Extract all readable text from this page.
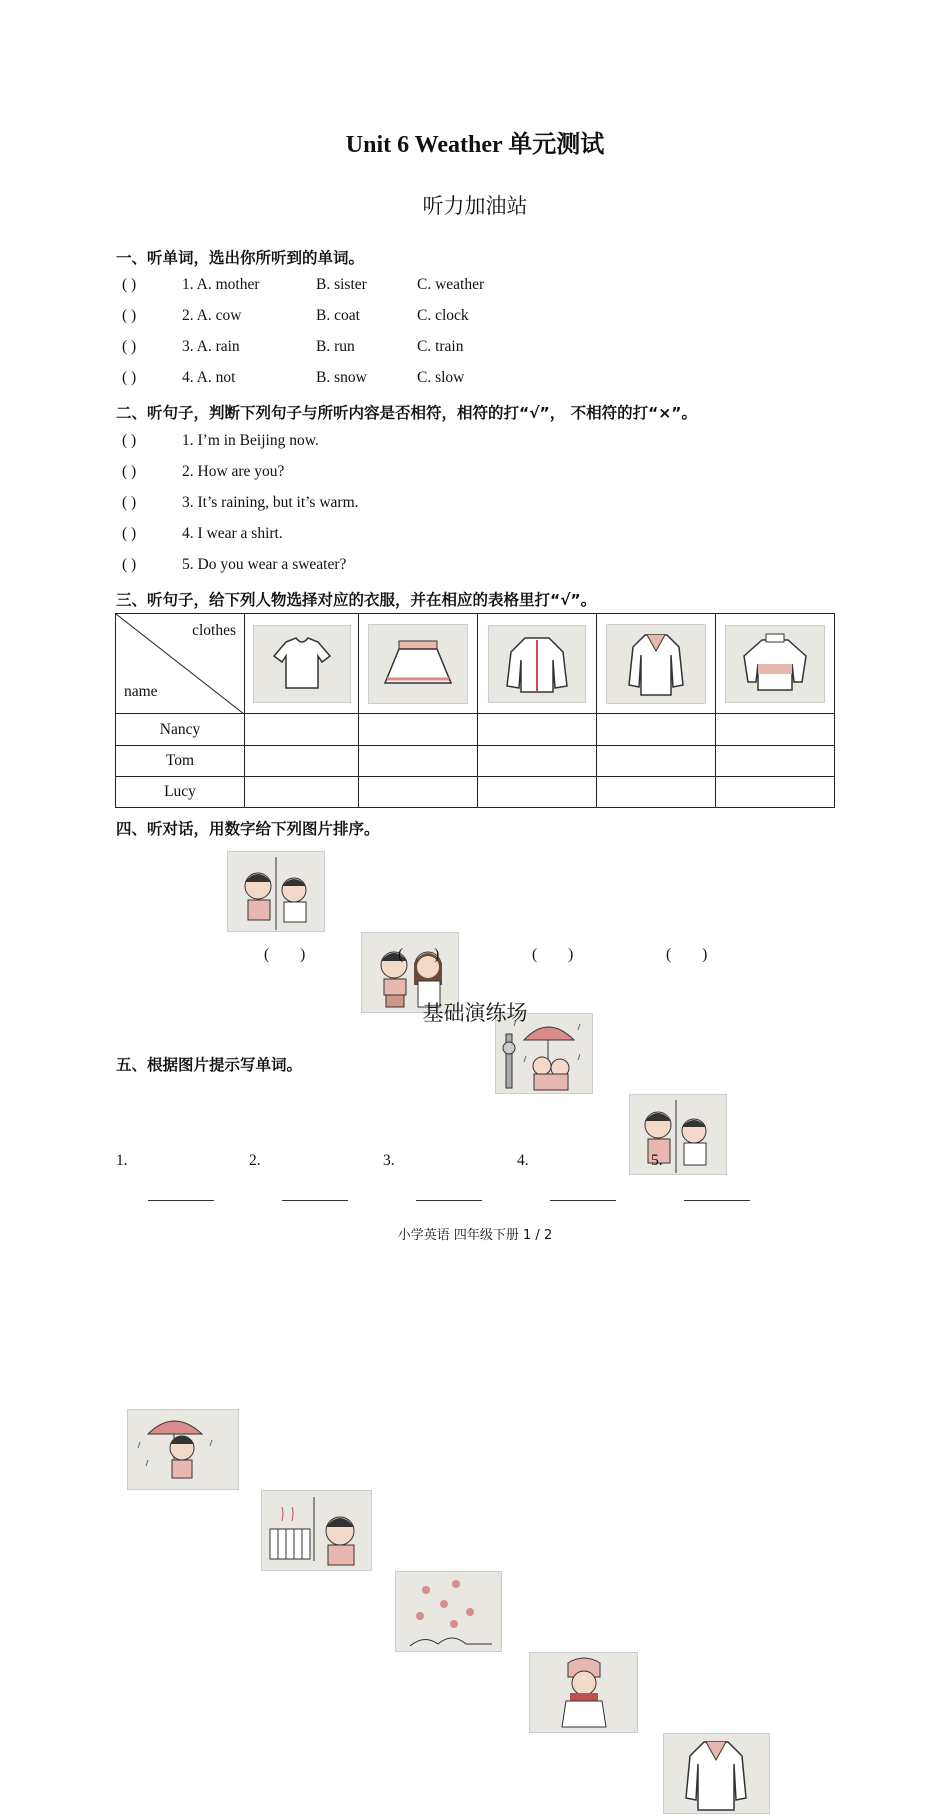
Unit 6 Weather 单元测试
听力加油站
一、听单词，选出你所听到的单词。
( )	1. A. mother	B. sister	C. weather
( )	2. A. cow	B. coat	C. clock
( )	3. A. rain	B. run	C. train
( )	4. A. not	B. snow	C. slow
二、听句子，判断下列句子与所听内容是否相符，相符的打“√”， 不相符的打“×”。
( )	1. I’m in Beijing now.
( )	2. How are you?
( )	3. It’s raining, but it’s warm.
( )	4. I wear a shirt.
( )	5. Do you wear a sweater?
三、听句子，给下列人物选择对应的衣服，并在相应的表格里打“√”。
clothes
name

Nancy					
Tom					
Lucy					
四、听对话，用数字给下列图片排序。
(        )	(        )	(        )	(        )
基础演练场
五、根据图片提示写单词。
1.	2.	3.	4.	5.
小学英语 四年级下册 1 / 2
